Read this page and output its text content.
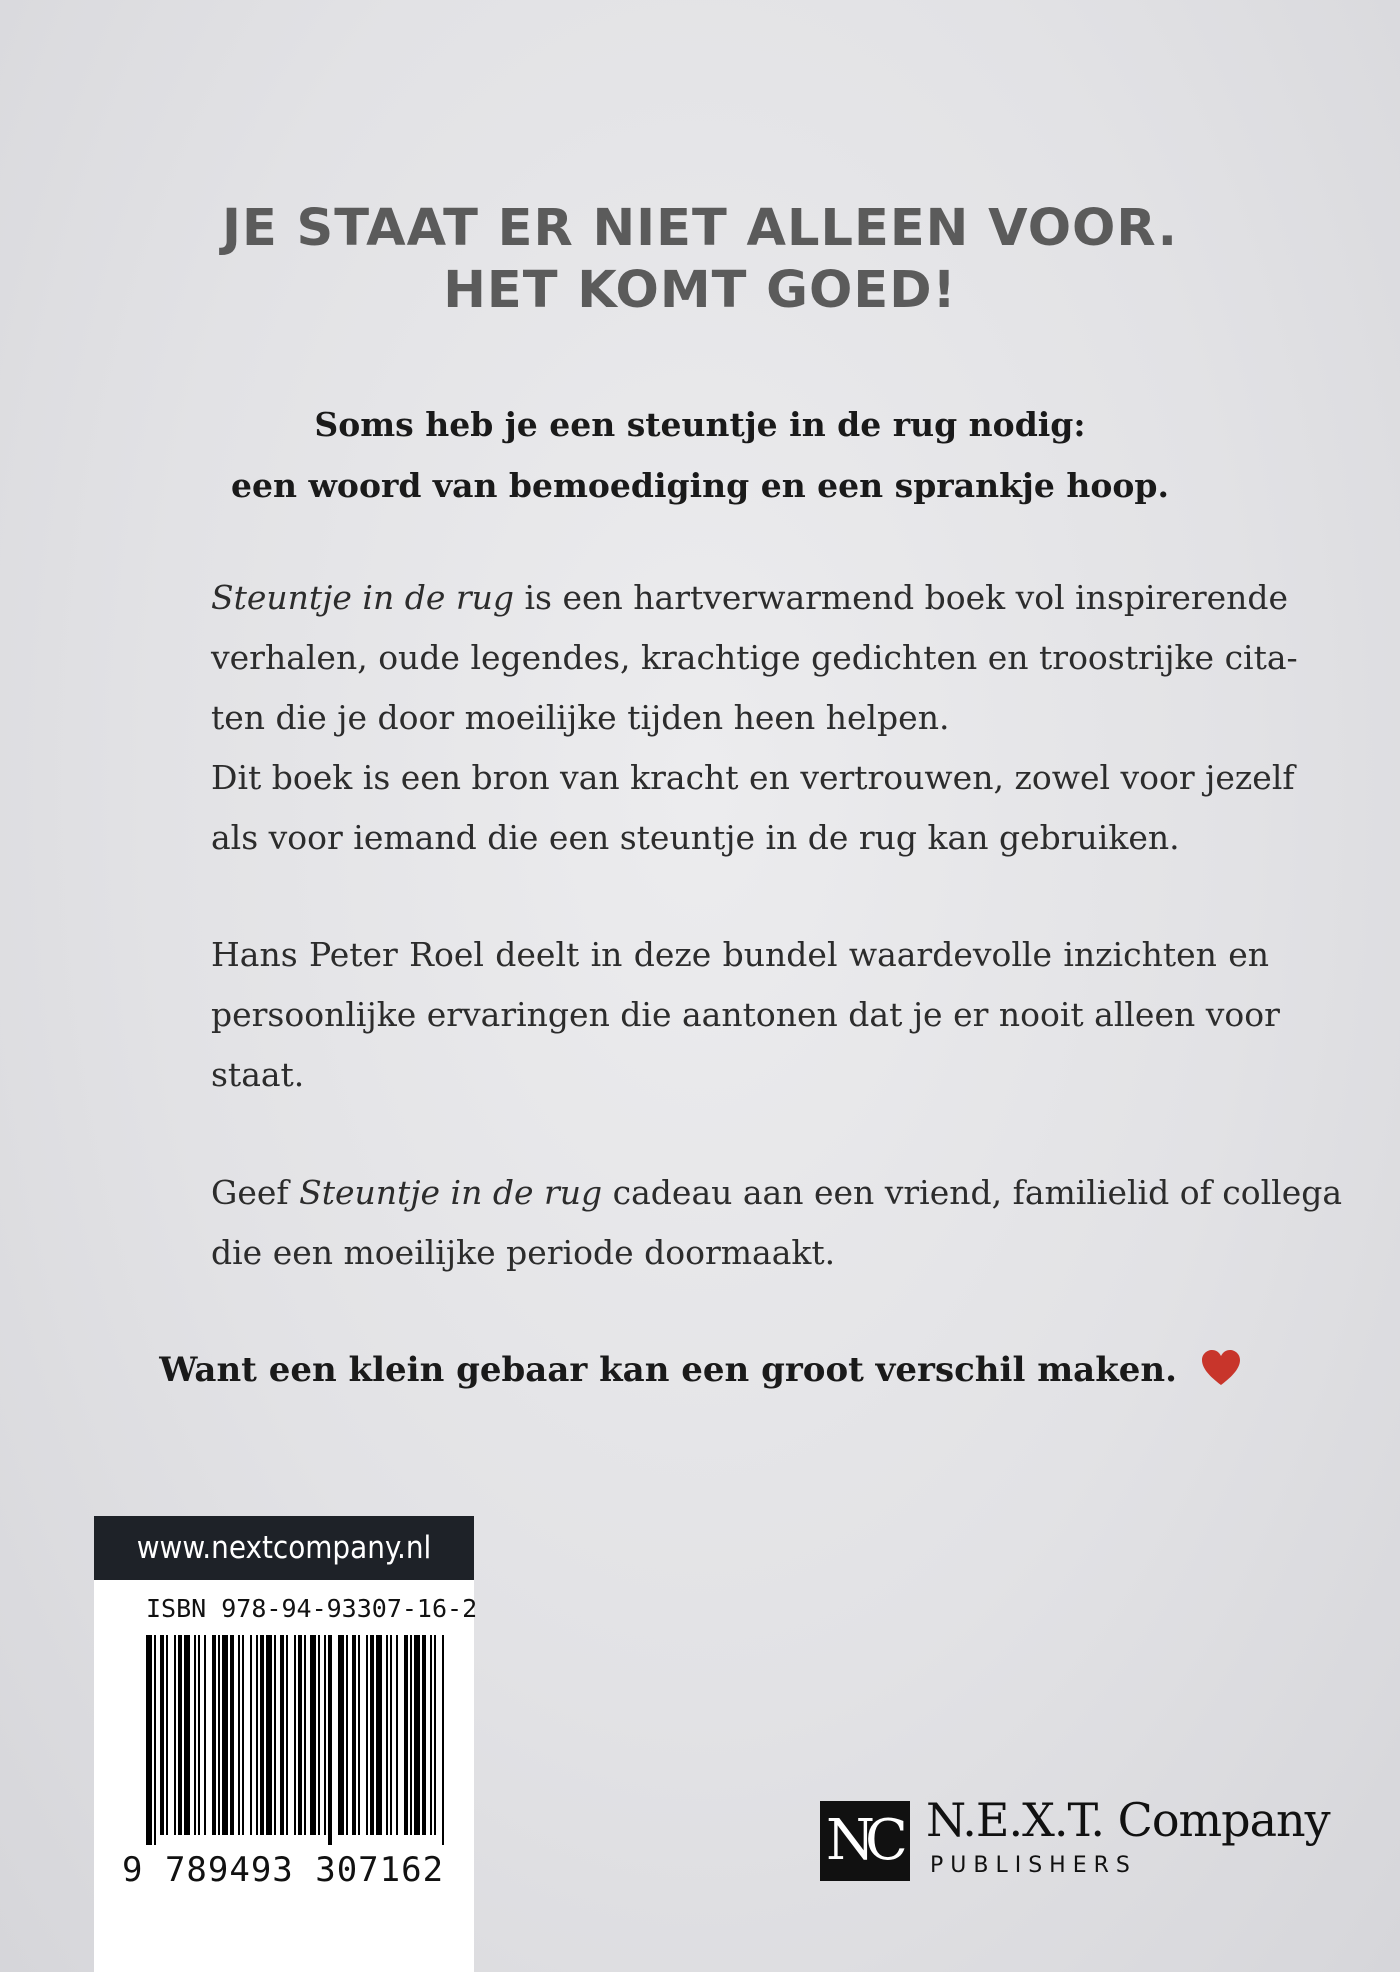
JE STAAT ER NIET ALLEEN VOOR.
HET KOMT GOED!
Soms heb je een steuntje in de rug nodig:
een woord van bemoediging en een sprankje hoop.
Steuntje in de rug is een hartverwarmend boek vol inspirerende
verhalen, oude legendes, krachtige gedichten en troostrijke cita-
ten die je door moeilijke tijden heen helpen.
Dit boek is een bron van kracht en vertrouwen, zowel voor jezelf
als voor iemand die een steuntje in de rug kan gebruiken.
Hans Peter Roel deelt in deze bundel waardevolle inzichten en
persoonlijke ervaringen die aantonen dat je er nooit alleen voor
staat.
Geef Steuntje in de rug cadeau aan een vriend, familielid of collega
die een moeilijke periode doormaakt.
Want een klein gebaar kan een groot verschil maken.
www.nextcompany.nl
ISBN 978-94-93307-16-2
9 789493 307162	NC N.E.X.T. Company
PUBLISHERS
